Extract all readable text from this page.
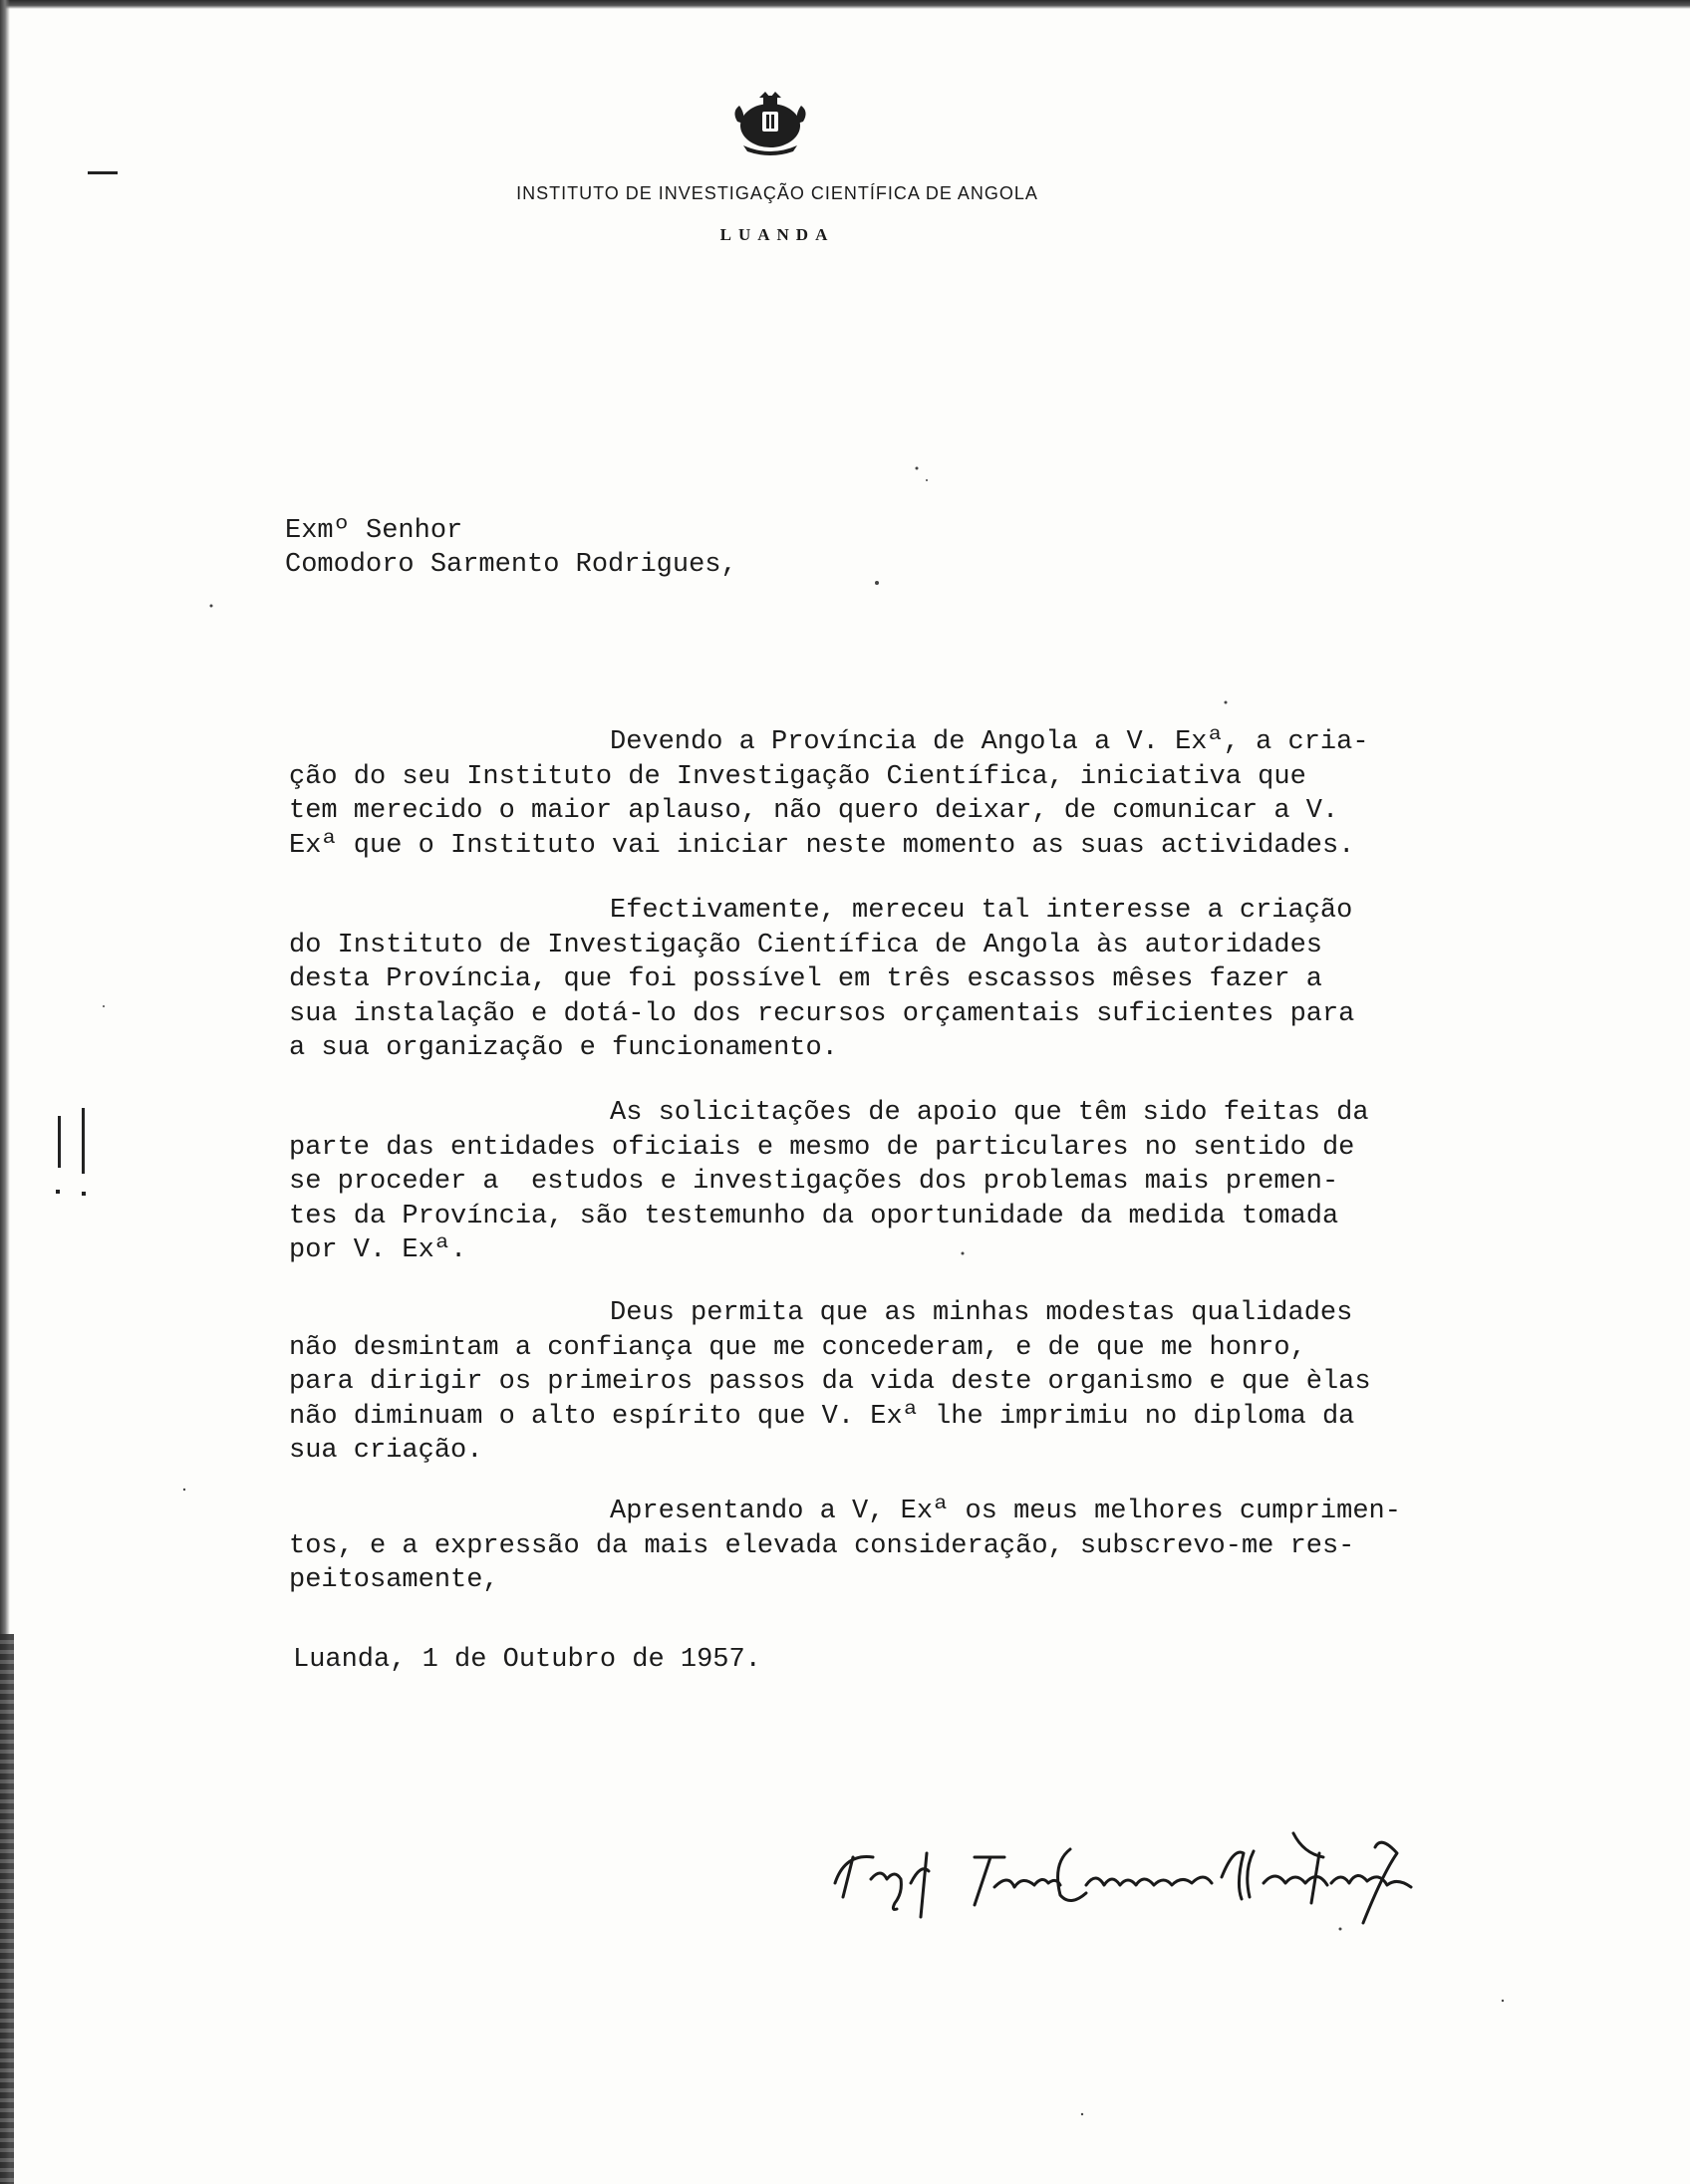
INSTITUTO DE INVESTIGAÇÃO CIENTÍFICA DE ANGOLA
LUANDA
Exmº Senhor
Comodoro Sarmento Rodrigues,
Devendo a Província de Angola a V. Exª, a cria-
ção do seu Instituto de Investigação Científica, iniciativa que
tem merecido o maior aplauso, não quero deixar, de comunicar a V.
Exª que o Instituto vai iniciar neste momento as suas actividades.
Efectivamente, mereceu tal interesse a criação
do Instituto de Investigação Científica de Angola às autoridades
desta Província, que foi possível em três escassos mêses fazer a
sua instalação e dotá-lo dos recursos orçamentais suficientes para
a sua organização e funcionamento.
As solicitações de apoio que têm sido feitas da
parte das entidades oficiais e mesmo de particulares no sentido de
se proceder a  estudos e investigações dos problemas mais premen-
tes da Província, são testemunho da oportunidade da medida tomada
por V. Exª.
Deus permita que as minhas modestas qualidades
não desmintam a confiança que me concederam, e de que me honro,
para dirigir os primeiros passos da vida deste organismo e que èlas
não diminuam o alto espírito que V. Exª lhe imprimiu no diploma da
sua criação.
Apresentando a V, Exª os meus melhores cumprimen-
tos, e a expressão da mais elevada consideração, subscrevo-me res-
peitosamente,
Luanda, 1 de Outubro de 1957.
